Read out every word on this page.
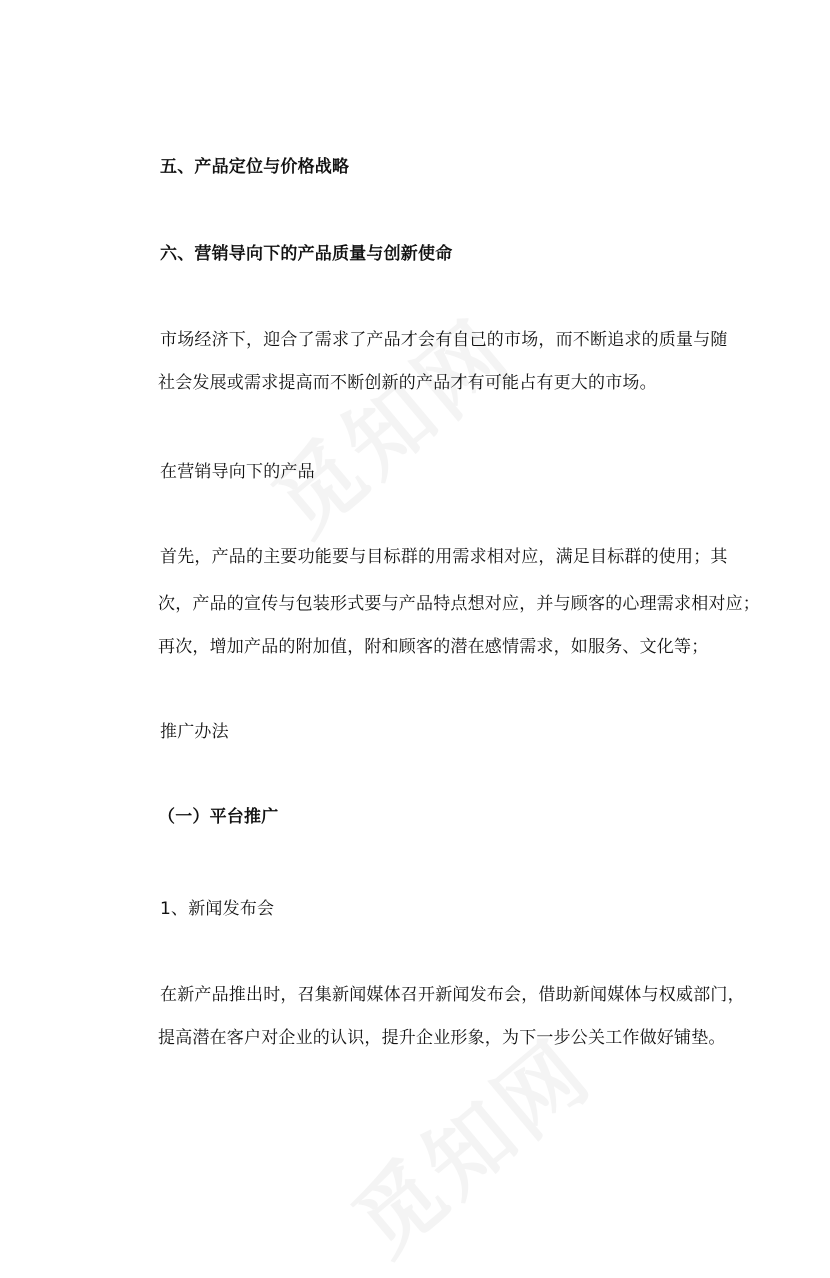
五、产品定位与价格战略
六、营销导向下的产品质量与创新使命
市场经济下，迎合了需求了产品才会有自己的市场，而不断追求的质量与随
社会发展或需求提高而不断创新的产品才有可能占有更大的市场。
在营销导向下的产品
首先，产品的主要功能要与目标群的用需求相对应，满足目标群的使用；其
次，产品的宣传与包装形式要与产品特点想对应，并与顾客的心理需求相对应；
再次，增加产品的附加值，附和顾客的潜在感情需求，如服务、文化等；
推广办法
（一）平台推广
1、新闻发布会
在新产品推出时，召集新闻媒体召开新闻发布会，借助新闻媒体与权威部门，
提高潜在客户对企业的认识，提升企业形象，为下一步公关工作做好铺垫。
